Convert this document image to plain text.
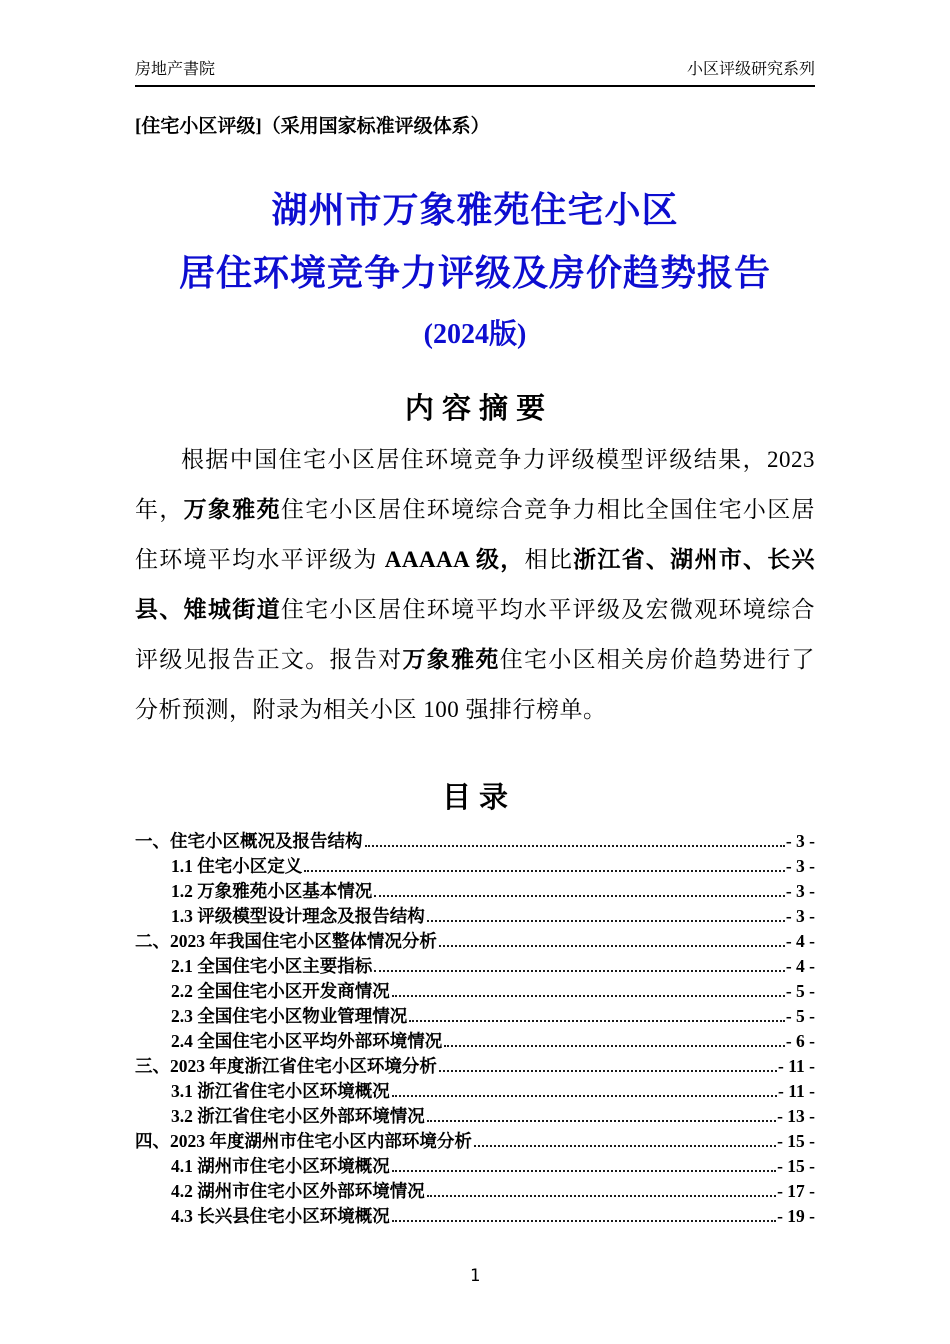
房地产書院	小区评级研究系列
[住宅小区评级]（采用国家标准评级体系）
湖州市万象雅苑住宅小区
居住环境竞争力评级及房价趋势报告
(2024版)
内 容 摘 要

根据中国住宅小区居住环境竞争力评级模型评级结果，2023 年，万象雅苑住宅小区居住环境综合竞争力相比全国住宅小区居住环境平均水平评级为 AAAAA 级，相比浙江省、湖州市、长兴县、雉城街道住宅小区居住环境平均水平评级及宏微观环境综合评级见报告正文。报告对万象雅苑住宅小区相关房价趋势进行了分析预测，附录为相关小区 100 强排行榜单。

目 录
一、住宅小区概况及报告结构	- 3 -
1.1 住宅小区定义	- 3 -
1.2 万象雅苑小区基本情况	- 3 -
1.3 评级模型设计理念及报告结构	- 3 -
二、2023 年我国住宅小区整体情况分析	- 4 -
2.1 全国住宅小区主要指标	- 4 -
2.2 全国住宅小区开发商情况	- 5 -
2.3 全国住宅小区物业管理情况	- 5 -
2.4 全国住宅小区平均外部环境情况	- 6 -
三、2023 年度浙江省住宅小区环境分析	- 11 -
3.1 浙江省住宅小区环境概况	- 11 -
3.2 浙江省住宅小区外部环境情况	- 13 -
四、2023 年度湖州市住宅小区内部环境分析	- 15 -
4.1 湖州市住宅小区环境概况	- 15 -
4.2 湖州市住宅小区外部环境情况	- 17 -
4.3 长兴县住宅小区环境概况	- 19 -
1
